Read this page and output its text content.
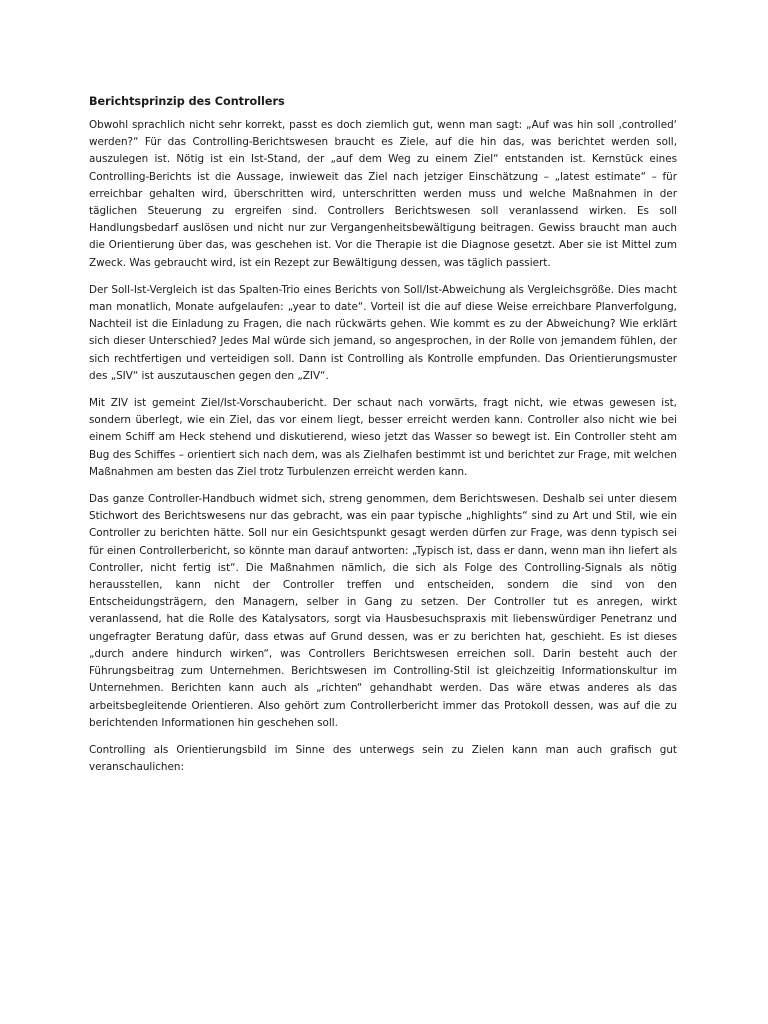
Berichtsprinzip des Controllers

Obwohl sprachlich nicht sehr korrekt, passt es doch ziemlich gut, wenn man sagt: „Auf was hin soll ‚controlled‘ werden?“ Für das Controlling-Berichtswesen braucht es Ziele, auf die hin das, was berichtet werden soll, auszulegen ist. Nötig ist ein Ist-Stand, der „auf dem Weg zu einem Ziel“ entstanden ist. Kernstück eines Controlling-Berichts ist die Aussage, inwieweit das Ziel nach jetziger Einschätzung – „latest estimate“ – für erreichbar gehalten wird, überschritten wird, unterschritten werden muss und welche Maßnahmen in der täglichen Steuerung zu ergreifen sind. Controllers Berichtswesen soll veranlassend wirken. Es soll Handlungsbedarf auslösen und nicht nur zur Vergangenheitsbewältigung beitragen. Gewiss braucht man auch die Orientierung über das, was geschehen ist. Vor die Therapie ist die Diagnose gesetzt. Aber sie ist Mittel zum Zweck. Was gebraucht wird, ist ein Rezept zur Bewältigung dessen, was täglich passiert.

Der Soll-Ist-Vergleich ist das Spalten-Trio eines Berichts von Soll/Ist-Abweichung als Vergleichsgröße. Dies macht man monatlich, Monate aufgelaufen: „year to date“. Vorteil ist die auf diese Weise erreichbare Planverfolgung, Nachteil ist die Einladung zu Fragen, die nach rückwärts gehen. Wie kommt es zu der Abweichung? Wie erklärt sich dieser Unterschied? Jedes Mal würde sich jemand, so angesprochen, in der Rolle von jemandem fühlen, der sich rechtfertigen und verteidigen soll. Dann ist Controlling als Kontrolle empfunden. Das Orientierungsmuster des „SIV“ ist auszutauschen gegen den „ZIV“.

Mit ZIV ist gemeint Ziel/Ist-Vorschaubericht. Der schaut nach vorwärts, fragt nicht, wie etwas gewesen ist, sondern überlegt, wie ein Ziel, das vor einem liegt, besser erreicht werden kann. Controller also nicht wie bei einem Schiff am Heck stehend und diskutierend, wieso jetzt das Wasser so bewegt ist. Ein Controller steht am Bug des Schiffes – orientiert sich nach dem, was als Zielhafen bestimmt ist und berichtet zur Frage, mit welchen Maßnahmen am besten das Ziel trotz Turbulenzen erreicht werden kann.

Das ganze Controller-Handbuch widmet sich, streng genommen, dem Berichtswesen. Deshalb sei unter diesem Stichwort des Berichtswesens nur das gebracht, was ein paar typische „highlights“ sind zu Art und Stil, wie ein Controller zu berichten hätte. Soll nur ein Gesichtspunkt gesagt werden dürfen zur Frage, was denn typisch sei für einen Controllerbericht, so könnte man darauf antworten: „Typisch ist, dass er dann, wenn man ihn liefert als Controller, nicht fertig ist“. Die Maßnahmen nämlich, die sich als Folge des Controlling-Signals als nötig herausstellen, kann nicht der Controller treffen und entscheiden, sondern die sind von den Entscheidungsträgern, den Managern, selber in Gang zu setzen. Der Controller tut es anregen, wirkt veranlassend, hat die Rolle des Katalysators, sorgt via Hausbesuchspraxis mit liebenswürdiger Penetranz und ungefragter Beratung dafür, dass etwas auf Grund dessen, was er zu berichten hat, geschieht. Es ist dieses „durch andere hindurch wirken“, was Controllers Berichtswesen erreichen soll. Darin besteht auch der Führungsbeitrag zum Unternehmen. Berichtswesen im Controlling-Stil ist gleichzeitig Informationskultur im Unternehmen. Berichten kann auch als „richten“ gehandhabt werden. Das wäre etwas anderes als das arbeitsbegleitende Orientieren. Also gehört zum Controllerbericht immer das Protokoll dessen, was auf die zu berichtenden Informationen hin geschehen soll.

Controlling als Orientierungsbild im Sinne des unterwegs sein zu Zielen kann man auch grafisch gut veranschaulichen:
